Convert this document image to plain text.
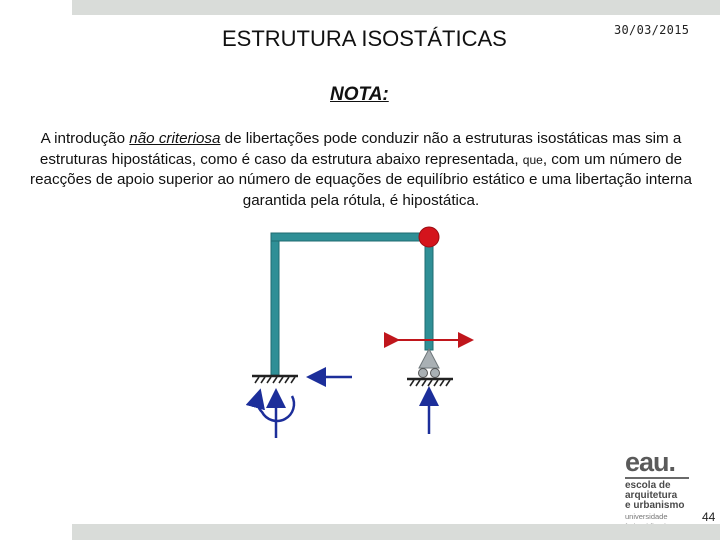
ESTRUTURA ISOSTÁTICAS	30/03/2015
NOTA:
A introdução não criteriosa de libertações pode conduzir não a estruturas isostáticas mas sim a estruturas hipostáticas, como é caso da estrutura abaixo representada, que, com um número de reacções de apoio superior ao número de equações de equilíbrio estático e uma libertação interna garantida pela rótula, é hipostática.
eau.
escola de
arquitetura
e urbanismo
universidade	44
